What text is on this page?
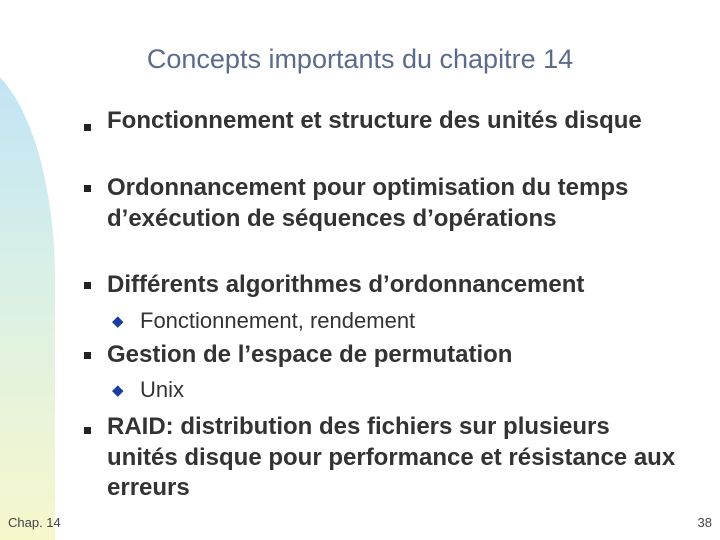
Concepts importants du chapitre 14
Fonctionnement et structure des unités disque
Ordonnancement pour optimisation du temps d’exécution de séquences d’opérations
Différents algorithmes d’ordonnancement
◆ Fonctionnement, rendement
Gestion de l’espace de permutation
◆ Unix
RAID: distribution des fichiers sur plusieurs unités disque pour performance et résistance aux erreurs
Chap. 14	38
